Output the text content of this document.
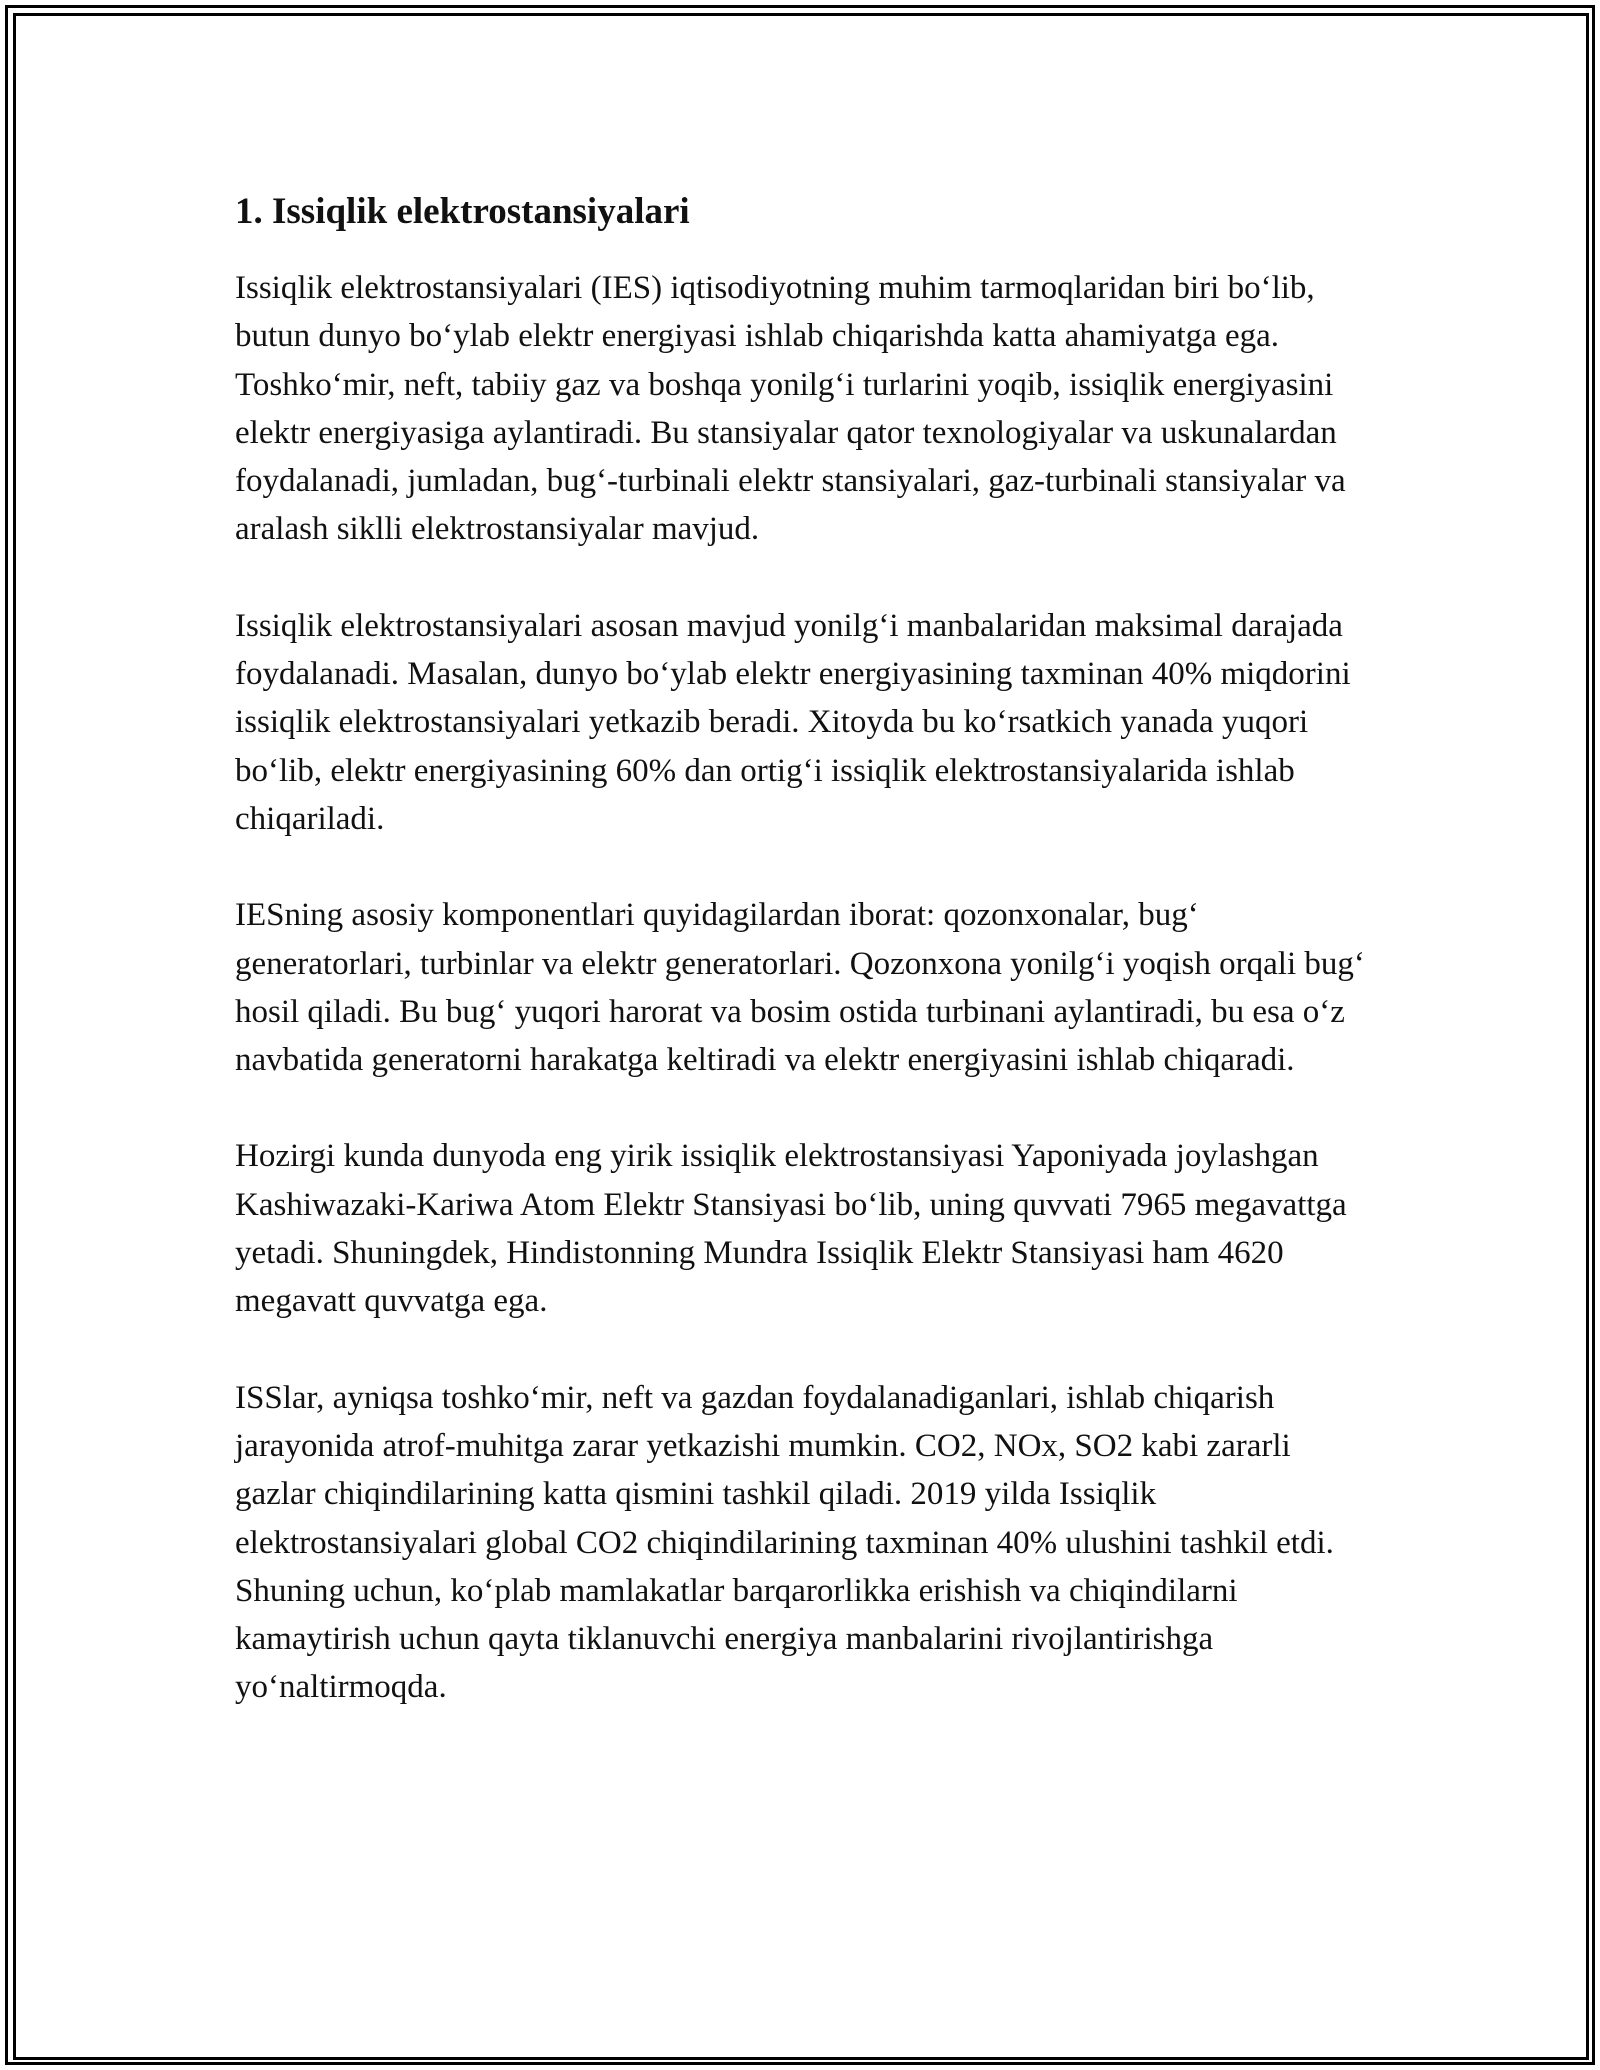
1. Issiqlik elektrostansiyalari

Issiqlik elektrostansiyalari (IES) iqtisodiyotning muhim tarmoqlaridan biri bo‘lib, butun dunyo bo‘ylab elektr energiyasi ishlab chiqarishda katta ahamiyatga ega. Toshko‘mir, neft, tabiiy gaz va boshqa yonilg‘i turlarini yoqib, issiqlik energiyasini elektr energiyasiga aylantiradi. Bu stansiyalar qator texnologiyalar va uskunalardan foydalanadi, jumladan, bug‘-turbinali elektr stansiyalari, gaz-turbinali stansiyalar va aralash siklli elektrostansiyalar mavjud.

Issiqlik elektrostansiyalari asosan mavjud yonilg‘i manbalaridan maksimal darajada foydalanadi. Masalan, dunyo bo‘ylab elektr energiyasining taxminan 40% miqdorini issiqlik elektrostansiyalari yetkazib beradi. Xitoyda bu ko‘rsatkich yanada yuqori bo‘lib, elektr energiyasining 60% dan ortig‘i issiqlik elektrostansiyalarida ishlab chiqariladi.

IESning asosiy komponentlari quyidagilardan iborat: qozonxonalar, bug‘ generatorlari, turbinlar va elektr generatorlari. Qozonxona yonilg‘i yoqish orqali bug‘ hosil qiladi. Bu bug‘ yuqori harorat va bosim ostida turbinani aylantiradi, bu esa o‘z navbatida generatorni harakatga keltiradi va elektr energiyasini ishlab chiqaradi.

Hozirgi kunda dunyoda eng yirik issiqlik elektrostansiyasi Yaponiyada joylashgan Kashiwazaki-Kariwa Atom Elektr Stansiyasi bo‘lib, uning quvvati 7965 megavattga yetadi. Shuningdek, Hindistonning Mundra Issiqlik Elektr Stansiyasi ham 4620 megavatt quvvatga ega.

ISSlar, ayniqsa toshko‘mir, neft va gazdan foydalanadiganlari, ishlab chiqarish jarayonida atrof-muhitga zarar yetkazishi mumkin. CO2, NOx, SO2 kabi zararli gazlar chiqindilarining katta qismini tashkil qiladi. 2019 yilda Issiqlik elektrostansiyalari global CO2 chiqindilarining taxminan 40% ulushini tashkil etdi. Shuning uchun, ko‘plab mamlakatlar barqarorlikka erishish va chiqindilarni kamaytirish uchun qayta tiklanuvchi energiya manbalarini rivojlantirishga yo‘naltirmoqda.
